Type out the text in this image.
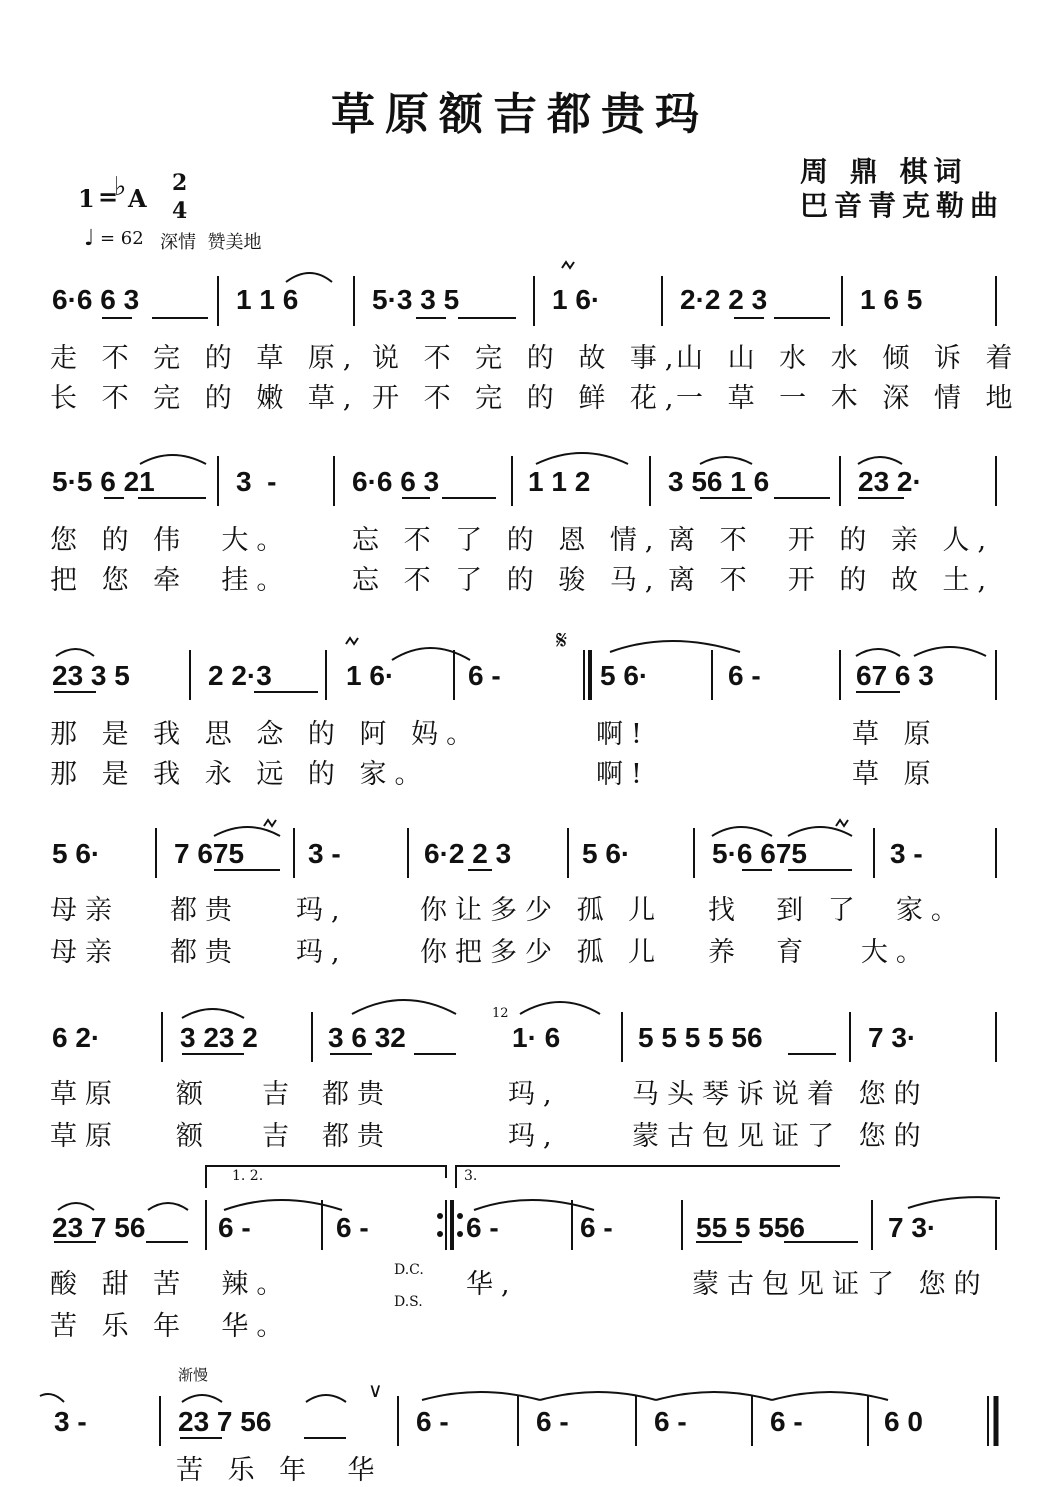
草原额吉都贵玛
周 鼎 棋词
巴音青克勒曲
1 =
♭ A
2
4
♩ = 62 深情  赞美地
6·6 6 3	1 1 6	5·3 3 5	1 6·	2·2 2 3	1 6 5
走 不 完 的 草 原, 说 不 完 的 故 事,
山 山 水 水 倾 诉 着
长 不 完 的 嫩 草, 开 不 完 的 鲜 花,
一 草 一 木 深 情 地
5·5 6 21	3  -	6·6 6 3	1 1 2	3 56 1 6	23 2·
您 的 伟  大。 忘 不 了 的 恩 情, 离 不  开 的 亲 人,
把 您 牵  挂。 忘 不 了 的 骏 马, 离 不  开 的 故 土,
23 3 5	2 2·3	1 6·	6 -	5 6·	6 -	67 6 3
那 是 我 思 念 的 阿 妈。	啊!	草 原
那 是 我 永 远 的 家。	啊!	草 原
5 6·	7 675 3 -	6·2 2 3	5 6·	5·6 675	3 -
母亲 都贵 玛,	你让多少 孤 儿 找  到 了  家。
母亲 都贵 玛,	你把多少 孤 儿 养  育   大。
6 2·	3 23 2	3 6 32	1· 6	5 5 5 5 56	7 3·
草原 额 吉 都贵	玛,	马头琴诉说着 您的
草原 额 吉 都贵	玛,	蒙古包见证了 您的
1. 2.	3.
23 7 56	6 -	6 -	6 -	6 -	55 5 556	7 3·
酸 甜 苦  辣。	D.C. 华,	蒙古包见证了 您的
苦 乐 年  华。
D.S.
渐慢
3 -	23 7 56	6 -	6 -	6 -	6 -	6 0
苦 乐 年  华
𝄋
12
∨
